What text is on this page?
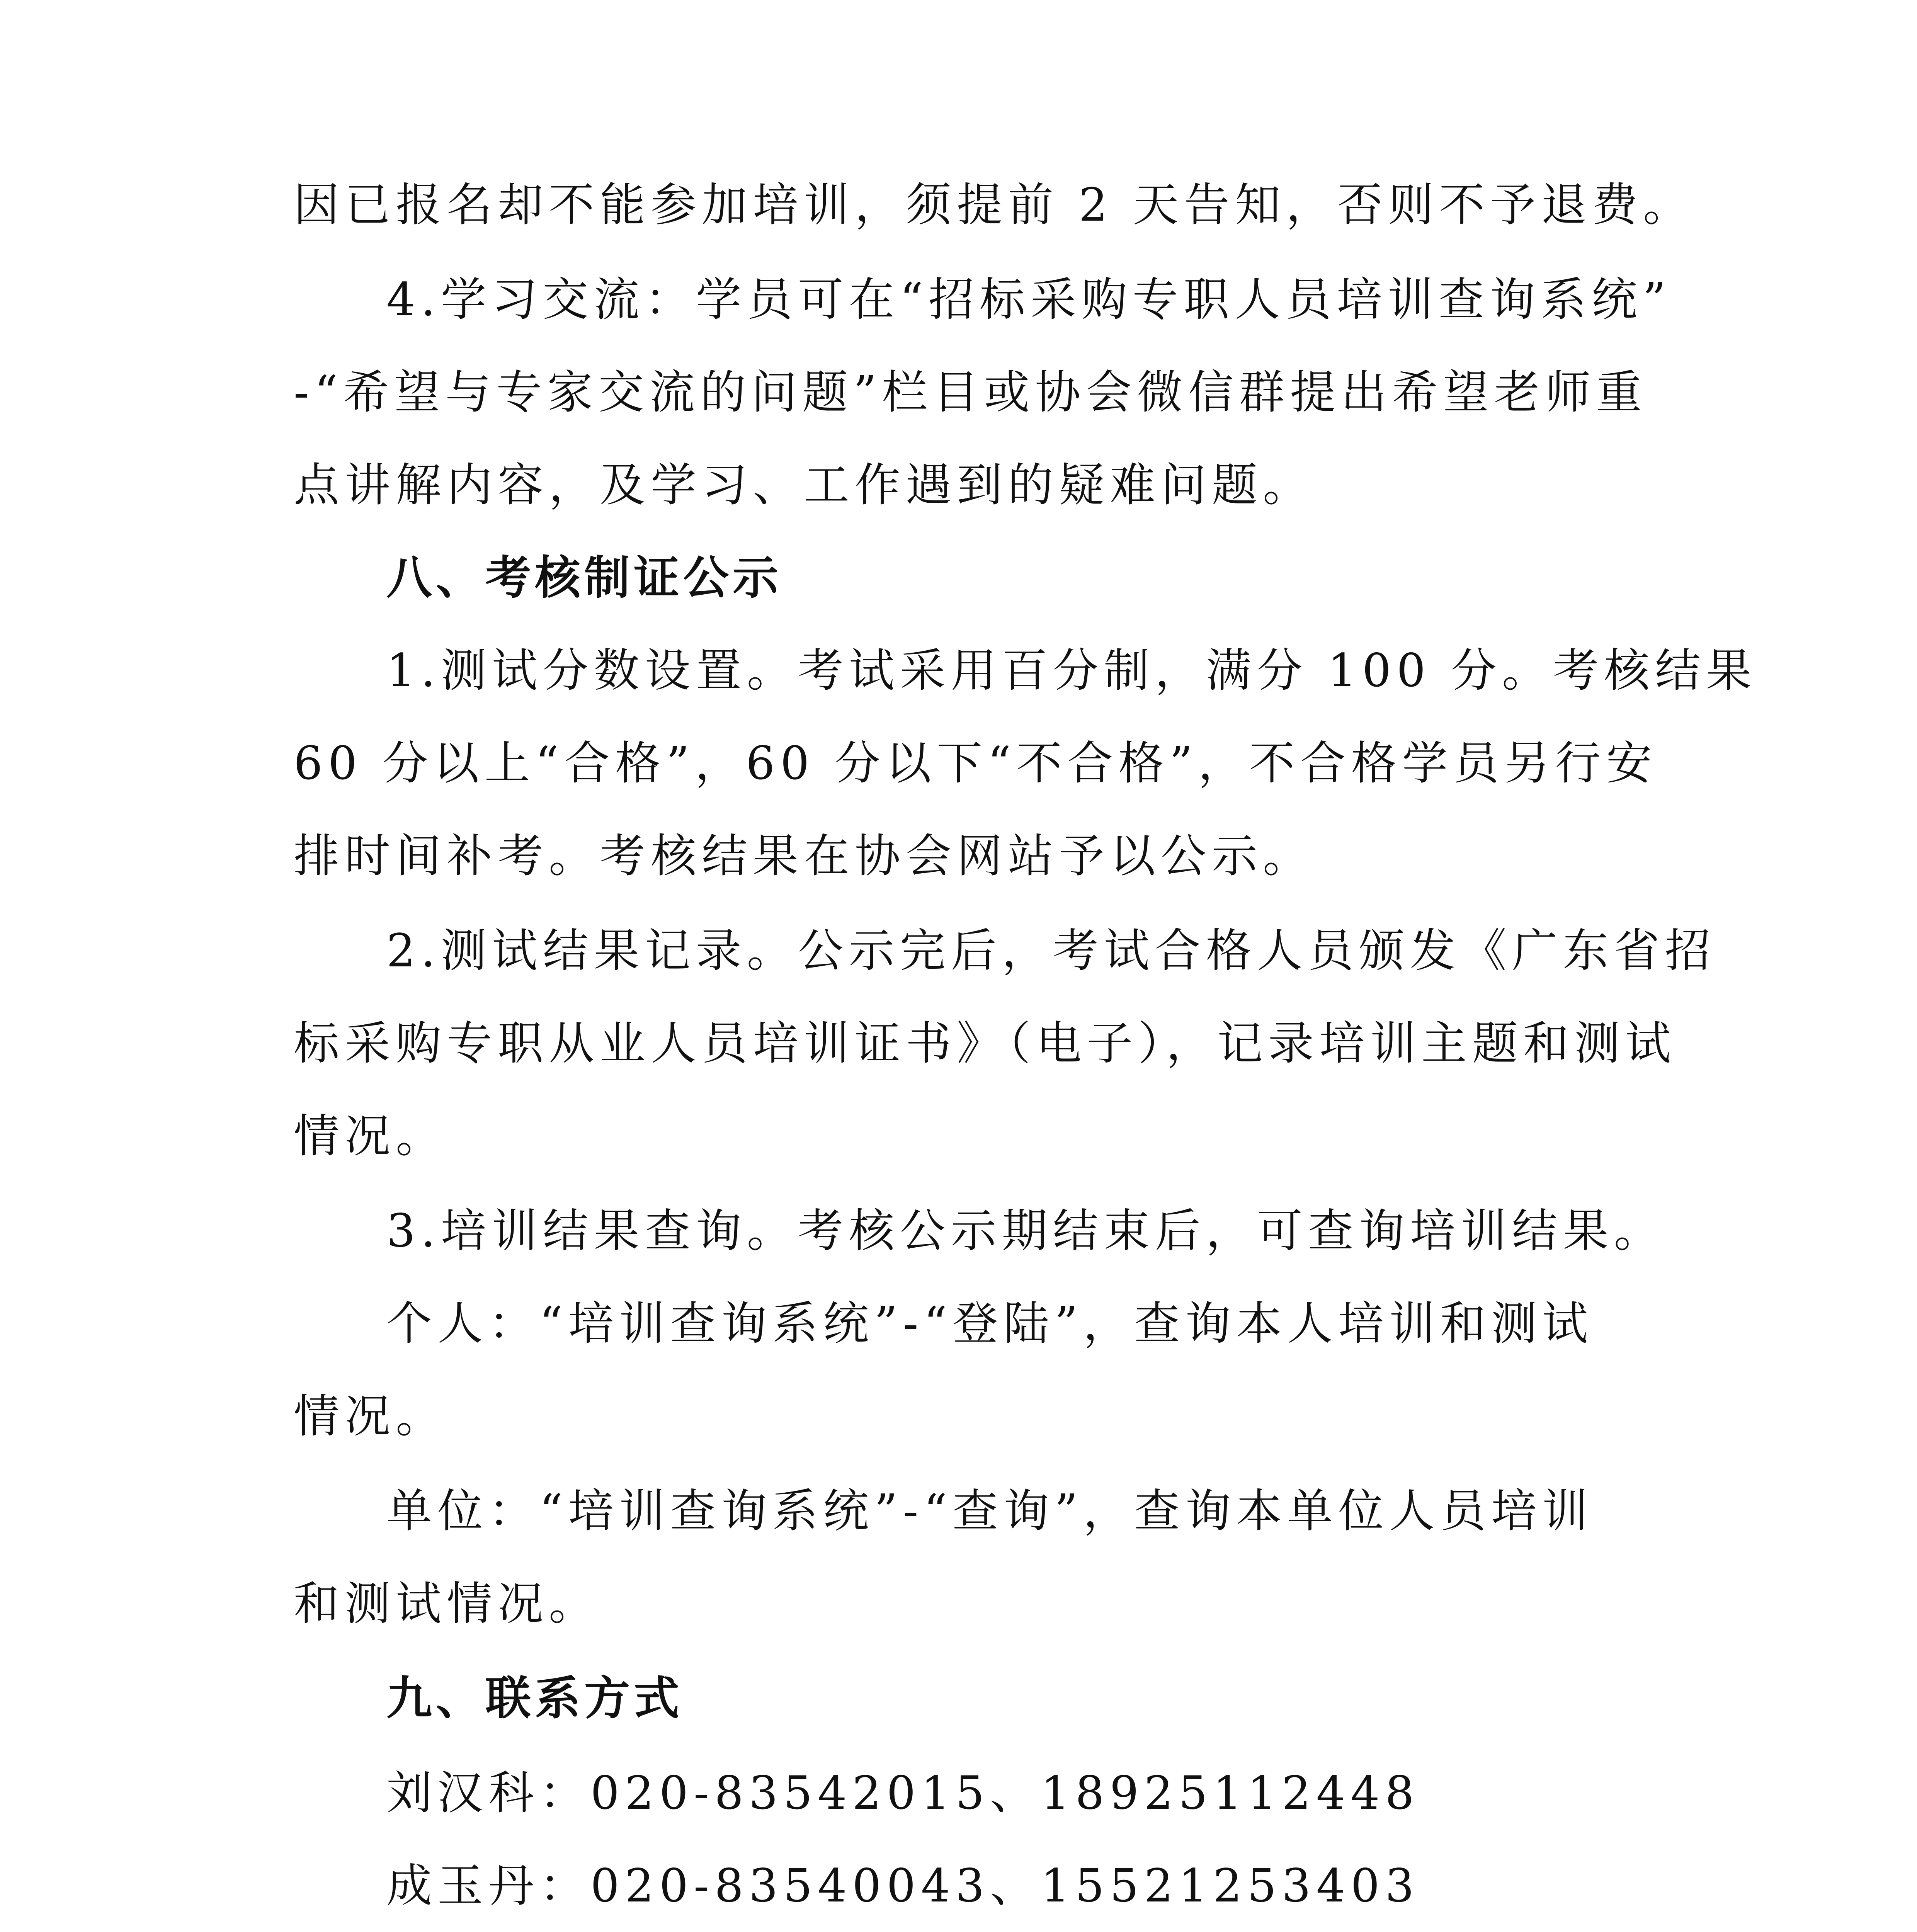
因已报名却不能参加培训，须提前 2 天告知，否则不予退费。
4.学习交流：学员可在“招标采购专职人员培训查询系统”
-“希望与专家交流的问题”栏目或协会微信群提出希望老师重
点讲解内容，及学习、工作遇到的疑难问题。
八、考核制证公示
1.测试分数设置。考试采用百分制，满分 100 分。考核结果
60 分以上“合格”，60 分以下“不合格”，不合格学员另行安
排时间补考。考核结果在协会网站予以公示。
2.测试结果记录。公示完后，考试合格人员颁发《广东省招
标采购专职从业人员培训证书》（电子），记录培训主题和测试
情况。
3.培训结果查询。考核公示期结束后，可查询培训结果。
个人：“培训查询系统”-“登陆”，查询本人培训和测试
情况。
单位：“培训查询系统”-“查询”，查询本单位人员培训
和测试情况。
九、联系方式
刘汉科：020-83542015、18925112448
成玉丹：020-83540043、15521253403
